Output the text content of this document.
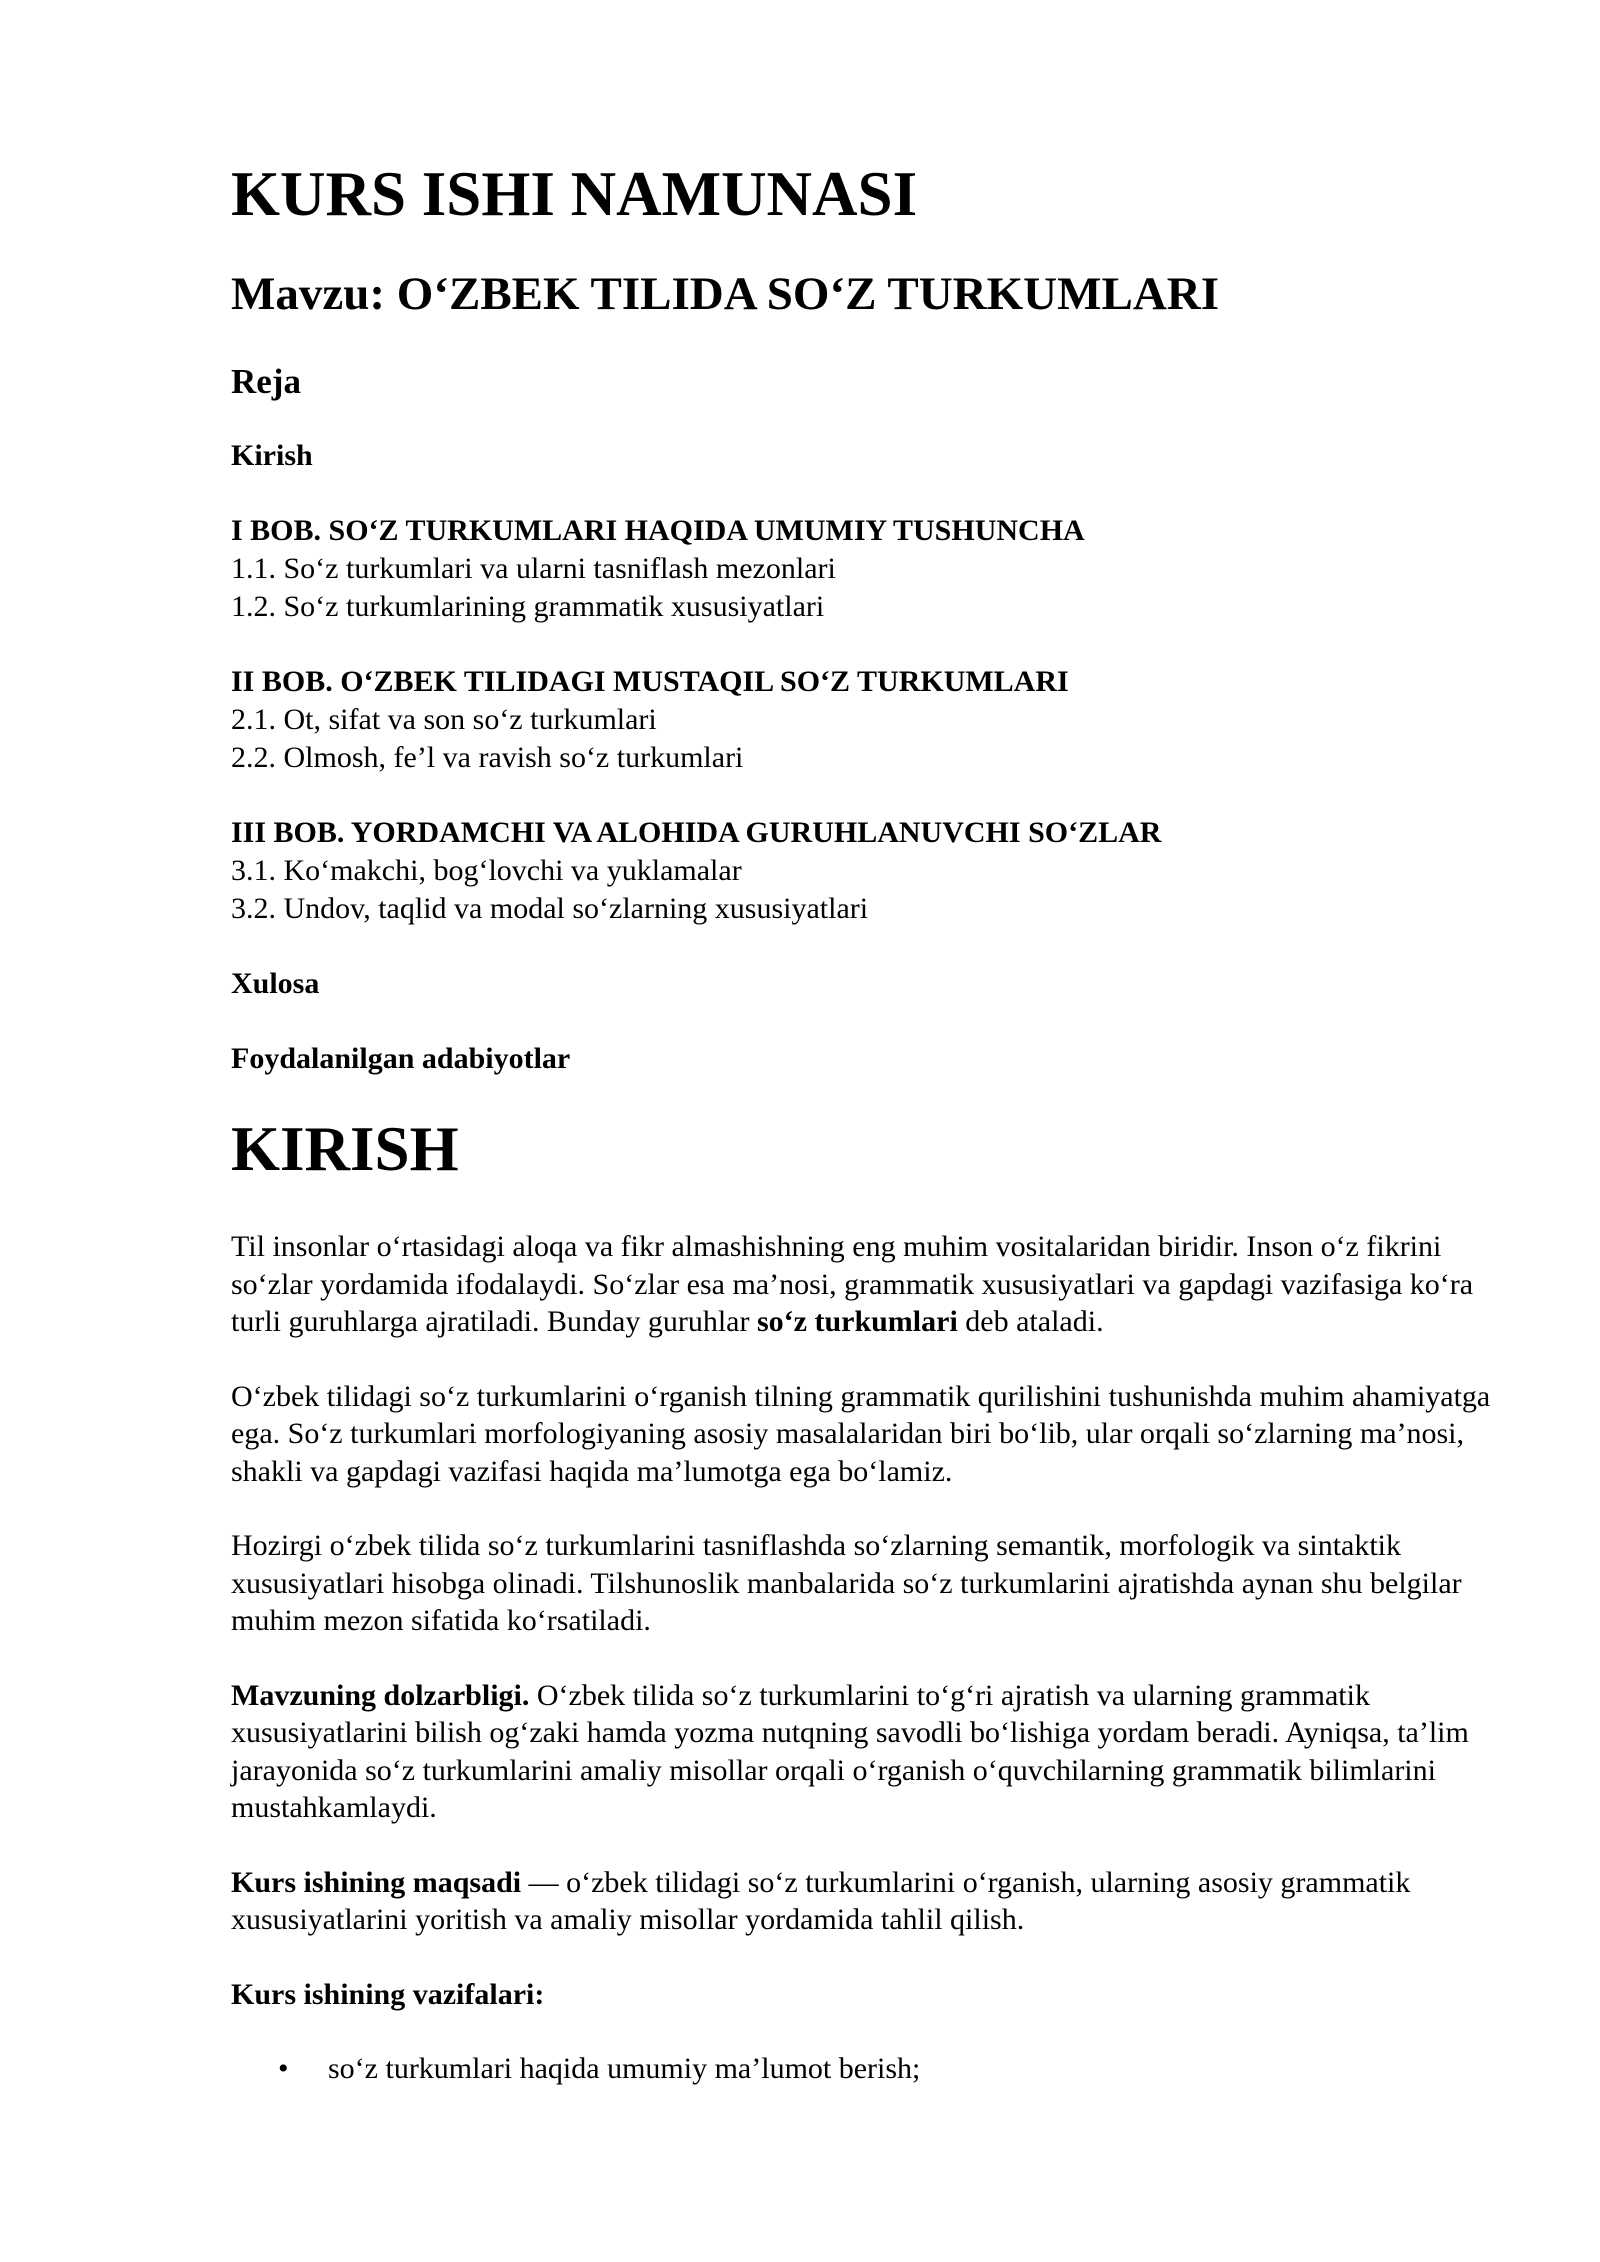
KURS ISHI NAMUNASI
Mavzu: O‘ZBEK TILIDA SO‘Z TURKUMLARI
Reja
Kirish
I BOB. SO‘Z TURKUMLARI HAQIDA UMUMIY TUSHUNCHA
1.1. So‘z turkumlari va ularni tasniflash mezonlari
1.2. So‘z turkumlarining grammatik xususiyatlari
II BOB. O‘ZBEK TILIDAGI MUSTAQIL SO‘Z TURKUMLARI
2.1. Ot, sifat va son so‘z turkumlari
2.2. Olmosh, fe’l va ravish so‘z turkumlari
III BOB. YORDAMCHI VA ALOHIDA GURUHLANUVCHI SO‘ZLAR
3.1. Ko‘makchi, bog‘lovchi va yuklamalar
3.2. Undov, taqlid va modal so‘zlarning xususiyatlari
Xulosa
Foydalanilgan adabiyotlar
KIRISH

Til insonlar o‘rtasidagi aloqa va fikr almashishning eng muhim vositalaridan biridir. Inson o‘z fikrini so‘zlar yordamida ifodalaydi. So‘zlar esa ma’nosi, grammatik xususiyatlari va gapdagi vazifasiga ko‘ra turli guruhlarga ajratiladi. Bunday guruhlar so‘z turkumlari deb ataladi.

O‘zbek tilidagi so‘z turkumlarini o‘rganish tilning grammatik qurilishini tushunishda muhim ahamiyatga ega. So‘z turkumlari morfologiyaning asosiy masalalaridan biri bo‘lib, ular orqali so‘zlarning ma’nosi, shakli va gapdagi vazifasi haqida ma’lumotga ega bo‘lamiz.

Hozirgi o‘zbek tilida so‘z turkumlarini tasniflashda so‘zlarning semantik, morfologik va sintaktik xususiyatlari hisobga olinadi. Tilshunoslik manbalarida so‘z turkumlarini ajratishda aynan shu belgilar muhim mezon sifatida ko‘rsatiladi.

Mavzuning dolzarbligi. O‘zbek tilida so‘z turkumlarini to‘g‘ri ajratish va ularning grammatik xususiyatlarini bilish og‘zaki hamda yozma nutqning savodli bo‘lishiga yordam beradi. Ayniqsa, ta’lim jarayonida so‘z turkumlarini amaliy misollar orqali o‘rganish o‘quvchilarning grammatik bilimlarini mustahkamlaydi.

Kurs ishining maqsadi — o‘zbek tilidagi so‘z turkumlarini o‘rganish, ularning asosiy grammatik xususiyatlarini yoritish va amaliy misollar yordamida tahlil qilish.

Kurs ishining vazifalari:

• so‘z turkumlari haqida umumiy ma’lumot berish;
